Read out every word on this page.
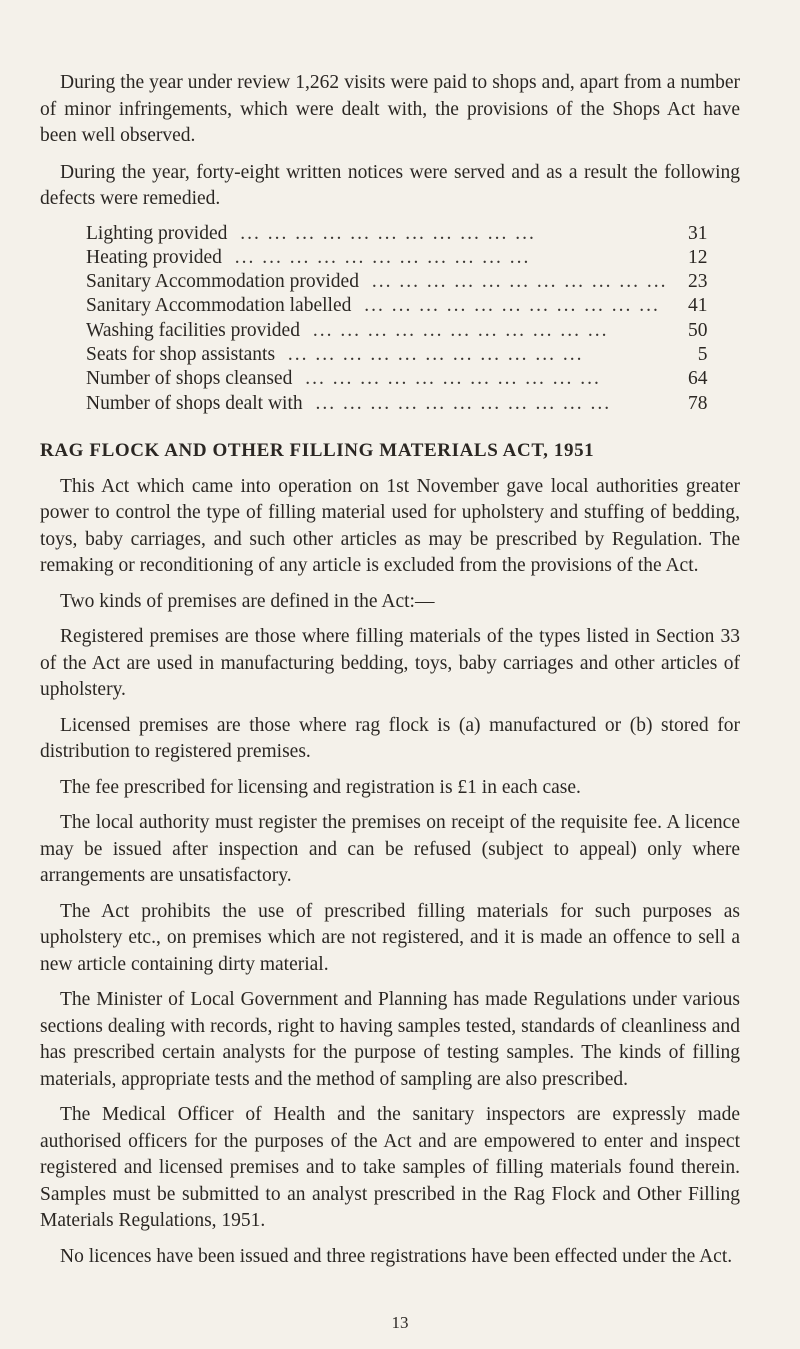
During the year under review 1,262 visits were paid to shops and, apart from a number of minor infringements, which were dealt with, the provisions of the Shops Act have been well observed.

During the year, forty-eight written notices were served and as a result the following defects were remedied.

Lighting provided ... ... ... ... ... ... ... ... ... ... ...	31
Heating provided ... ... ... ... ... ... ... ... ... ... ...	12
Sanitary Accommodation provided ... ... ... ... ... ... ... ... ... ... ...	23
Sanitary Accommodation labelled ... ... ... ... ... ... ... ... ... ... ...	41
Washing facilities provided ... ... ... ... ... ... ... ... ... ... ...	50
Seats for shop assistants ... ... ... ... ... ... ... ... ... ... ...	5
Number of shops cleansed ... ... ... ... ... ... ... ... ... ... ...	64
Number of shops dealt with ... ... ... ... ... ... ... ... ... ... ...	78
RAG FLOCK AND OTHER FILLING MATERIALS ACT, 1951

This Act which came into operation on 1st November gave local authorities greater power to control the type of filling material used for upholstery and stuffing of bedding, toys, baby carriages, and such other articles as may be prescribed by Regulation. The remaking or reconditioning of any article is excluded from the provisions of the Act.

Two kinds of premises are defined in the Act:—

Registered premises are those where filling materials of the types listed in Section 33 of the Act are used in manufacturing bedding, toys, baby carriages and other articles of upholstery.

Licensed premises are those where rag flock is (a) manufactured or (b) stored for distribution to registered premises.

The fee prescribed for licensing and registration is £1 in each case.

The local authority must register the premises on receipt of the requisite fee. A licence may be issued after inspection and can be refused (subject to appeal) only where arrangements are unsatisfactory.

The Act prohibits the use of prescribed filling materials for such purposes as upholstery etc., on premises which are not registered, and it is made an offence to sell a new article containing dirty material.

The Minister of Local Government and Planning has made Regulations under various sections dealing with records, right to having samples tested, standards of cleanliness and has prescribed certain analysts for the purpose of testing samples. The kinds of filling materials, appropriate tests and the method of sampling are also prescribed.

The Medical Officer of Health and the sanitary inspectors are expressly made authorised officers for the purposes of the Act and are empowered to enter and inspect registered and licensed premises and to take samples of filling materials found therein. Samples must be submitted to an analyst prescribed in the Rag Flock and Other Filling Materials Regulations, 1951.

No licences have been issued and three registrations have been effected under the Act.

13
